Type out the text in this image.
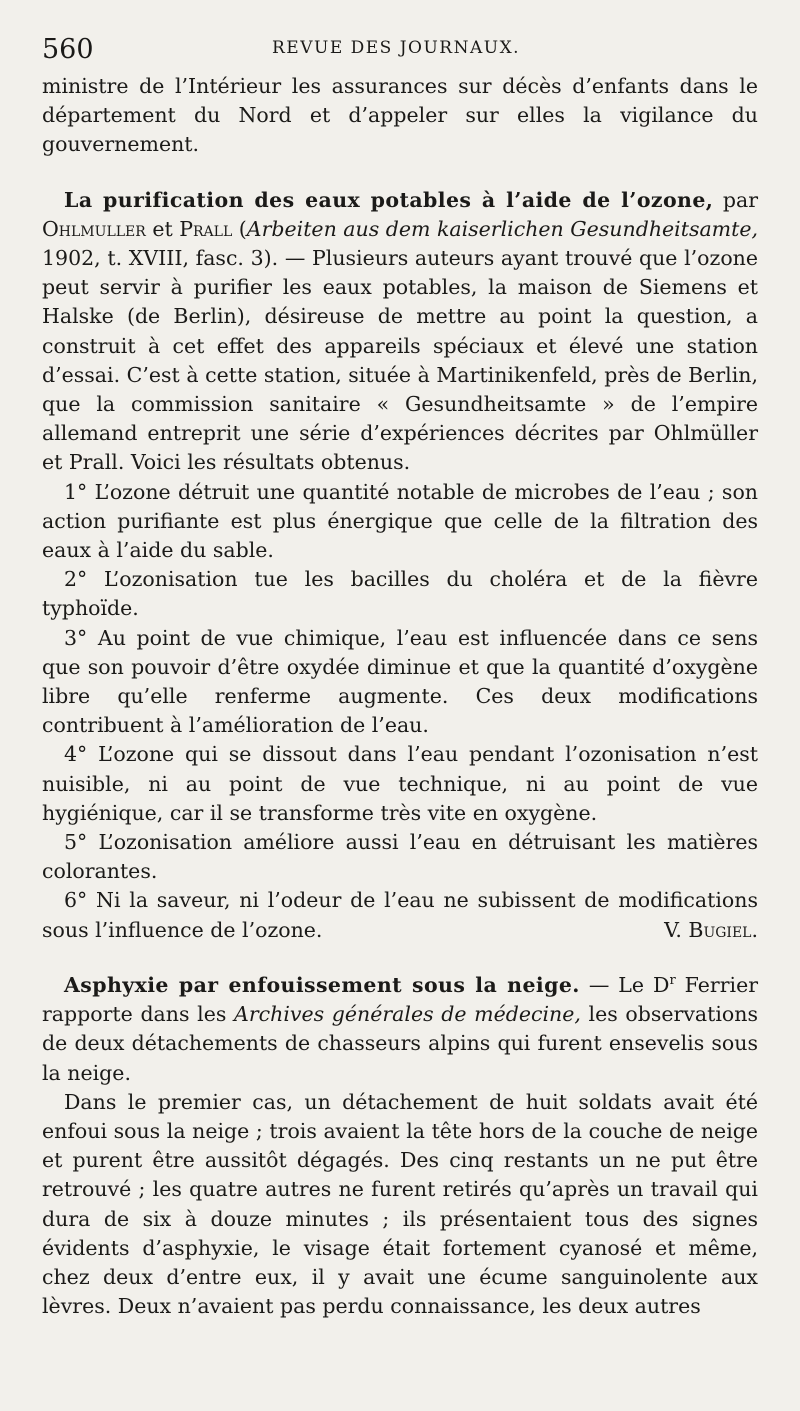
560	REVUE DES JOURNAUX.

ministre de l’Intérieur les assurances sur décès d’enfants dans le département du Nord et d’appeler sur elles la vigilance du gouvernement.

La purification des eaux potables à l’aide de l’ozone, par Ohlmuller et Prall (Arbeiten aus dem kaiserlichen Gesundheitsamte, 1902, t. XVIII, fasc. 3). — Plusieurs auteurs ayant trouvé que l’ozone peut servir à purifier les eaux potables, la maison de Siemens et Halske (de Berlin), désireuse de mettre au point la question, a construit à cet effet des appareils spéciaux et élevé une station d’essai. C’est à cette station, située à Martinikenfeld, près de Berlin, que la commission sanitaire « Gesundheitsamte » de l’empire allemand entreprit une série d’expériences décrites par Ohlmüller et Prall. Voici les résultats obtenus.

1° L’ozone détruit une quantité notable de microbes de l’eau ; son action purifiante est plus énergique que celle de la filtration des eaux à l’aide du sable.

2° L’ozonisation tue les bacilles du choléra et de la fièvre typhoïde.

3° Au point de vue chimique, l’eau est influencée dans ce sens que son pouvoir d’être oxydée diminue et que la quantité d’oxygène libre qu’elle renferme augmente. Ces deux modifications contribuent à l’amélioration de l’eau.

4° L’ozone qui se dissout dans l’eau pendant l’ozonisation n’est nuisible, ni au point de vue technique, ni au point de vue hygiénique, car il se transforme très vite en oxygène.

5° L’ozonisation améliore aussi l’eau en détruisant les matières colorantes.

6° Ni la saveur, ni l’odeur de l’eau ne subissent de modifications sous l’influence de l’ozone.	V. Bugiel.

Asphyxie par enfouissement sous la neige. — Le $D^r$ Ferrier rapporte dans les Archives générales de médecine, les observations de deux détachements de chasseurs alpins qui furent ensevelis sous la neige.

Dans le premier cas, un détachement de huit soldats avait été enfoui sous la neige ; trois avaient la tête hors de la couche de neige et purent être aussitôt dégagés. Des cinq restants un ne put être retrouvé ; les quatre autres ne furent retirés qu’après un travail qui dura de six à douze minutes ; ils présentaient tous des signes évidents d’asphyxie, le visage était fortement cyanosé et même, chez deux d’entre eux, il y avait une écume sanguinolente aux lèvres. Deux n’avaient pas perdu connaissance, les deux autres
